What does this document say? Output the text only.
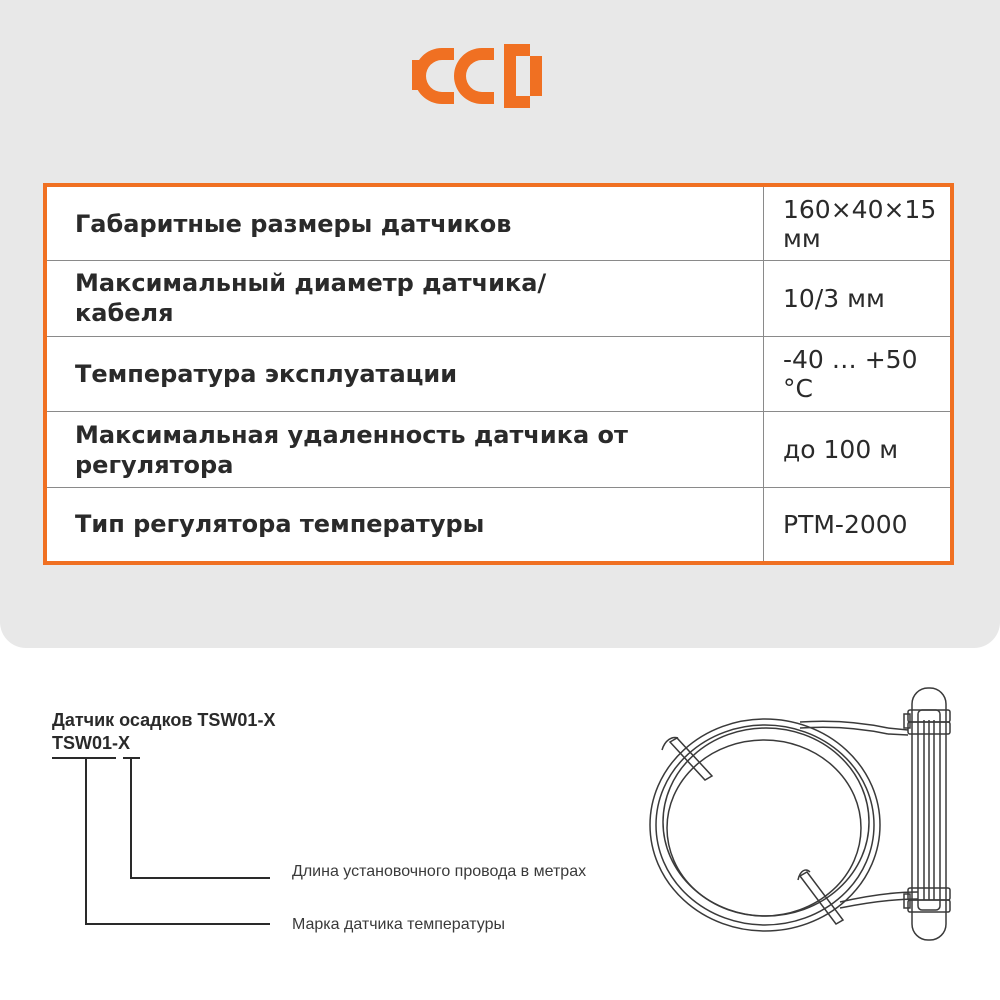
Габаритные размеры датчиков	160×40×15 мм
Максимальный диаметр датчика/кабеля	10/3 мм
Температура эксплуатации	-40 … +50 °C
Максимальная удаленность датчика от регулятора	до 100 м
Тип регулятора температуры	РТМ-2000
Датчик осадков TSW01-X
TSW01-X
Длина установочного провода в метрах
Марка датчика температуры
